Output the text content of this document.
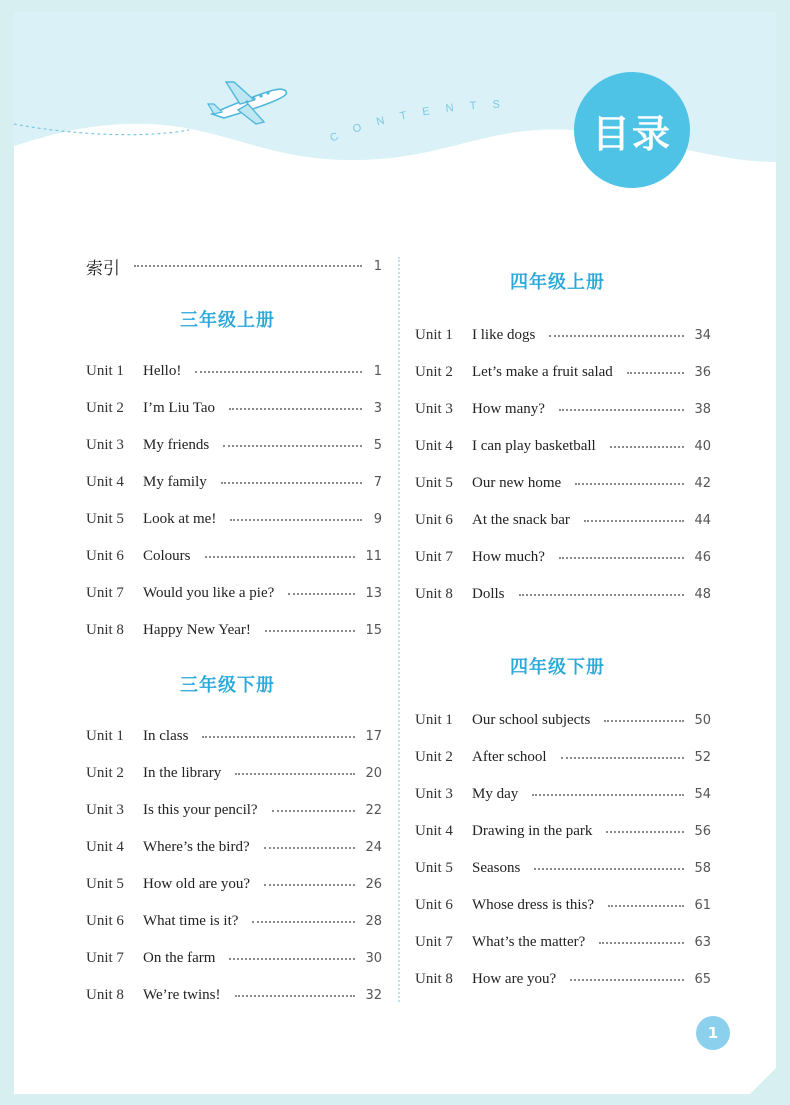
CONTENTS
目录
索引	1
三年级上册
Unit 1	Hello!	1
Unit 2	I’m Liu Tao	3
Unit 3	My friends	5
Unit 4	My family	7
Unit 5	Look at me!	9
Unit 6	Colours	11
Unit 7	Would you like a pie?	13
Unit 8	Happy New Year!	15
三年级下册
Unit 1	In class	17
Unit 2	In the library	20
Unit 3	Is this your pencil?	22
Unit 4	Where’s the bird?	24
Unit 5	How old are you?	26
Unit 6	What time is it?	28
Unit 7	On the farm	30
Unit 8	We’re twins!	32
四年级上册
Unit 1	I like dogs	34
Unit 2	Let’s make a fruit salad	36
Unit 3	How many?	38
Unit 4	I can play basketball	40
Unit 5	Our new home	42
Unit 6	At the snack bar	44
Unit 7	How much?	46
Unit 8	Dolls	48
四年级下册
Unit 1	Our school subjects	50
Unit 2	After school	52
Unit 3	My day	54
Unit 4	Drawing in the park	56
Unit 5	Seasons	58
Unit 6	Whose dress is this?	61
Unit 7	What’s the matter?	63
Unit 8	How are you?	65
1
